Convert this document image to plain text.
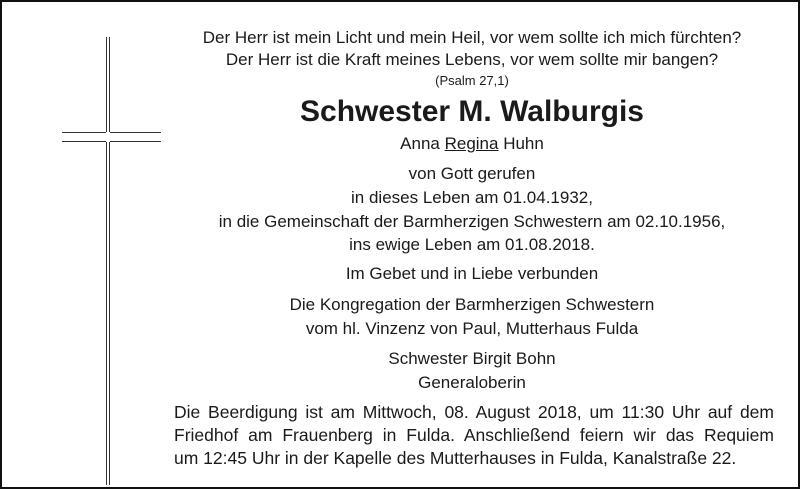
Der Herr ist mein Licht und mein Heil, vor wem sollte ich mich fürchten?
Der Herr ist die Kraft meines Lebens, vor wem sollte mir bangen?
(Psalm 27,1)
Schwester M. Walburgis
Anna Regina Huhn
von Gott gerufen
in dieses Leben am 01.04.1932,
in die Gemeinschaft der Barmherzigen Schwestern am 02.10.1956,
ins ewige Leben am 01.08.2018.
Im Gebet und in Liebe verbunden
Die Kongregation der Barmherzigen Schwestern
vom hl. Vinzenz von Paul, Mutterhaus Fulda
Schwester Birgit Bohn
Generaloberin
Die Beerdigung ist am Mittwoch, 08. August 2018, um 11:30 Uhr auf dem
Friedhof am Frauenberg in Fulda. Anschließend feiern wir das Requiem
um 12:45 Uhr in der Kapelle des Mutterhauses in Fulda, Kanalstraße 22.
